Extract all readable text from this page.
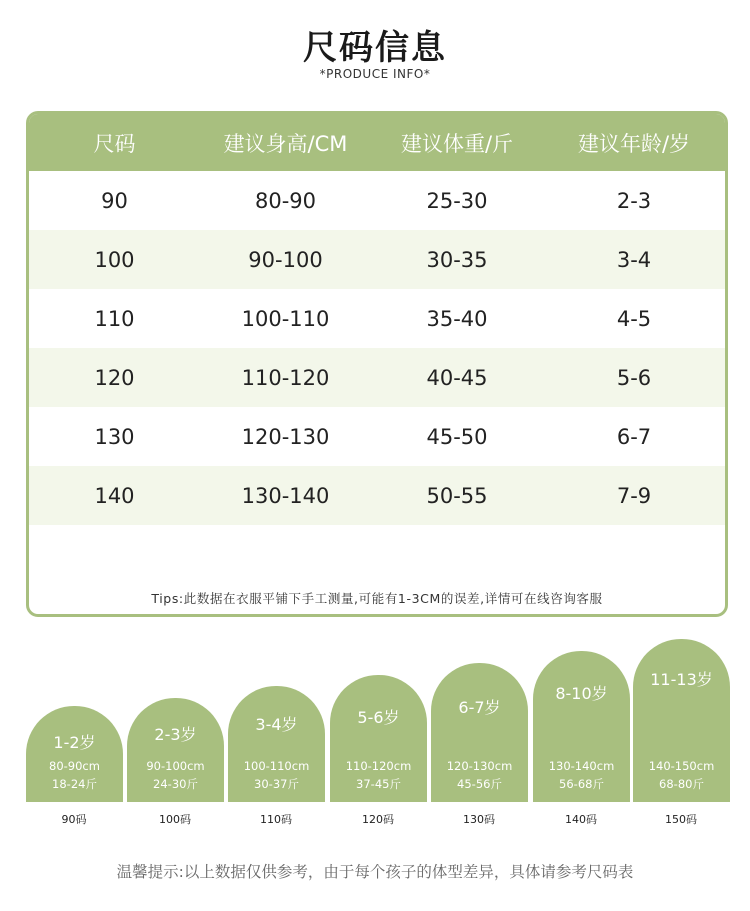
尺码信息
*PRODUCE INFO*
尺码	建议身高/CM	建议体重/斤	建议年龄/岁
90	80-90	25-30	2-3
100	90-100	30-35	3-4
110	100-110	35-40	4-5
120	110-120	40-45	5-6
130	120-130	45-50	6-7
140	130-140	50-55	7-9
Tips:此数据在衣服平铺下手工测量,可能有1-3CM的误差,详情可在线咨询客服
1-2岁
80-90cm
18-24斤
2-3岁
90-100cm
24-30斤
3-4岁
100-110cm
30-37斤
5-6岁
110-120cm
37-45斤
6-7岁
120-130cm
45-56斤
8-10岁
130-140cm
56-68斤
11-13岁
140-150cm
68-80斤
90码	100码	110码	120码	130码	140码	150码
温馨提示:以上数据仅供参考，由于每个孩子的体型差异，具体请参考尺码表
